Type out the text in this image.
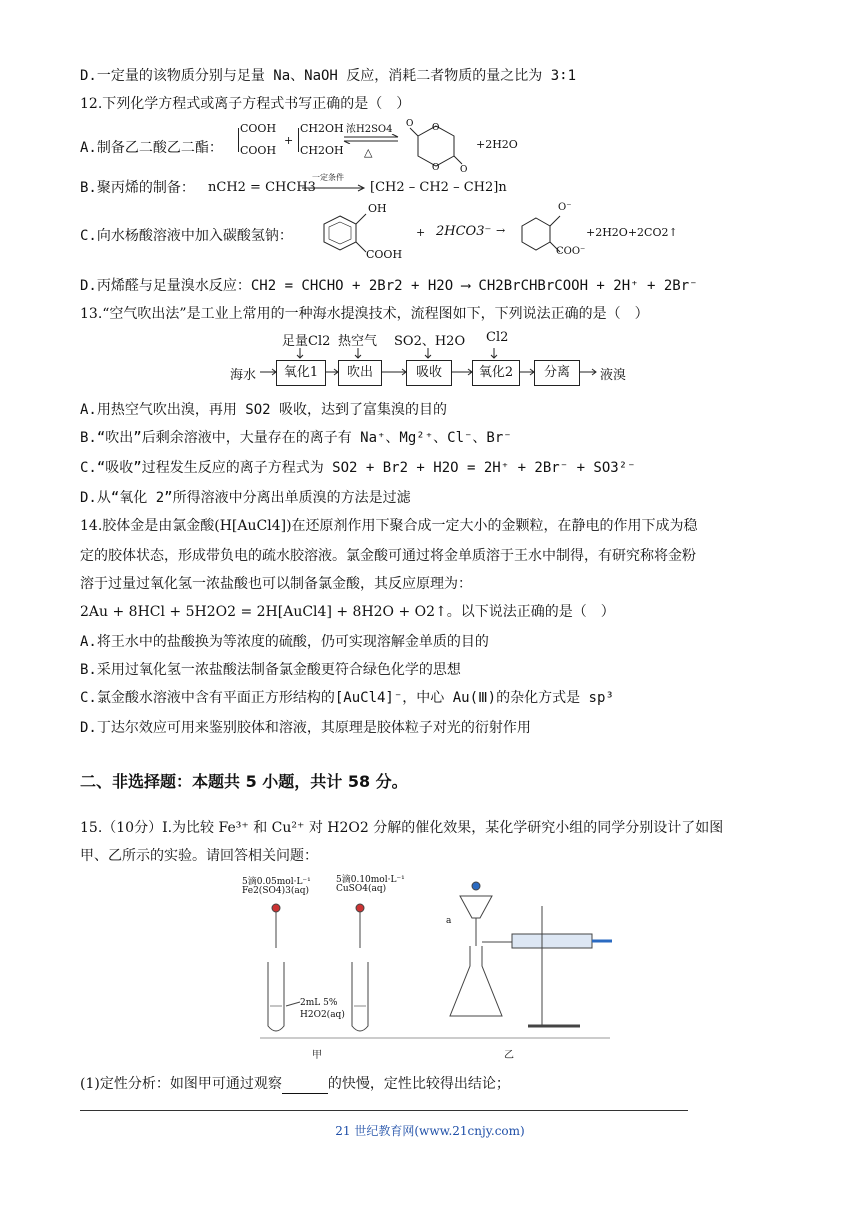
D.一定量的该物质分别与足量 Na、NaOH 反应，消耗二者物质的量之比为 3∶1
12.下列化学方程式或离子方程式书写正确的是（　）
A.制备乙二酸乙二酯：
COOH
COOH
+
CH2OH
CH2OH
浓H2SO4
△
O
O
O
O
+2H2O
B.聚丙烯的制备： nCH2 = CHCH3
一定条件
[CH2 – CH2 – CH2]n
C.向水杨酸溶液中加入碳酸氢钠：
OH
COOH
+ 2HCO3⁻ →
O⁻
COO⁻
+2H2O+2CO2↑
D.丙烯醛与足量溴水反应：CH2 = CHCHO + 2Br2 + H2O ⟶ CH2BrCHBrCOOH + 2H⁺ + 2Br⁻
13.“空气吹出法”是工业上常用的一种海水提溴技术，流程图如下，下列说法正确的是（　）
足量Cl2 热空气 SO2、H2O Cl2
海水	氧化1	吹出	吸收	氧化2	分离	液溴
A.用热空气吹出溴，再用 SO2 吸收，达到了富集溴的目的
B.“吹出”后剩余溶液中，大量存在的离子有 Na⁺、Mg²⁺、Cl⁻、Br⁻
C.“吸收”过程发生反应的离子方程式为 SO2 + Br2 + H2O = 2H⁺ + 2Br⁻ + SO3²⁻
D.从“氧化 2”所得溶液中分离出单质溴的方法是过滤
14.胶体金是由氯金酸(H[AuCl4])在还原剂作用下聚合成一定大小的金颗粒，在静电的作用下成为稳
定的胶体状态，形成带负电的疏水胶溶液。氯金酸可通过将金单质溶于王水中制得，有研究称将金粉
溶于过量过氧化氢一浓盐酸也可以制备氯金酸，其反应原理为：
2Au + 8HCl + 5H2O2 = 2H[AuCl4] + 8H2O + O2↑。以下说法正确的是（　）
A.将王水中的盐酸换为等浓度的硫酸，仍可实现溶解金单质的目的
B.采用过氧化氢一浓盐酸法制备氯金酸更符合绿色化学的思想
C.氯金酸水溶液中含有平面正方形结构的[AuCl4]⁻，中心 Au(Ⅲ)的杂化方式是 sp³
D.丁达尔效应可用来鉴别胶体和溶液，其原理是胶体粒子对光的衍射作用
二、非选择题：本题共 5 小题，共计 58 分。
15.（10分）Ⅰ.为比较 Fe³⁺ 和 Cu²⁺ 对 H2O2 分解的催化效果，某化学研究小组的同学分别设计了如图
甲、乙所示的实验。请回答相关问题：
5滴0.05mol·L⁻¹
Fe2(SO4)3(aq)
5滴0.10mol·L⁻¹
CuSO4(aq)
2mL 5%
H2O2(aq)
a
甲	乙
(1)定性分析：如图甲可通过观察	的快慢，定性比较得出结论；
21 世纪教育网(www.21cnjy.com)
